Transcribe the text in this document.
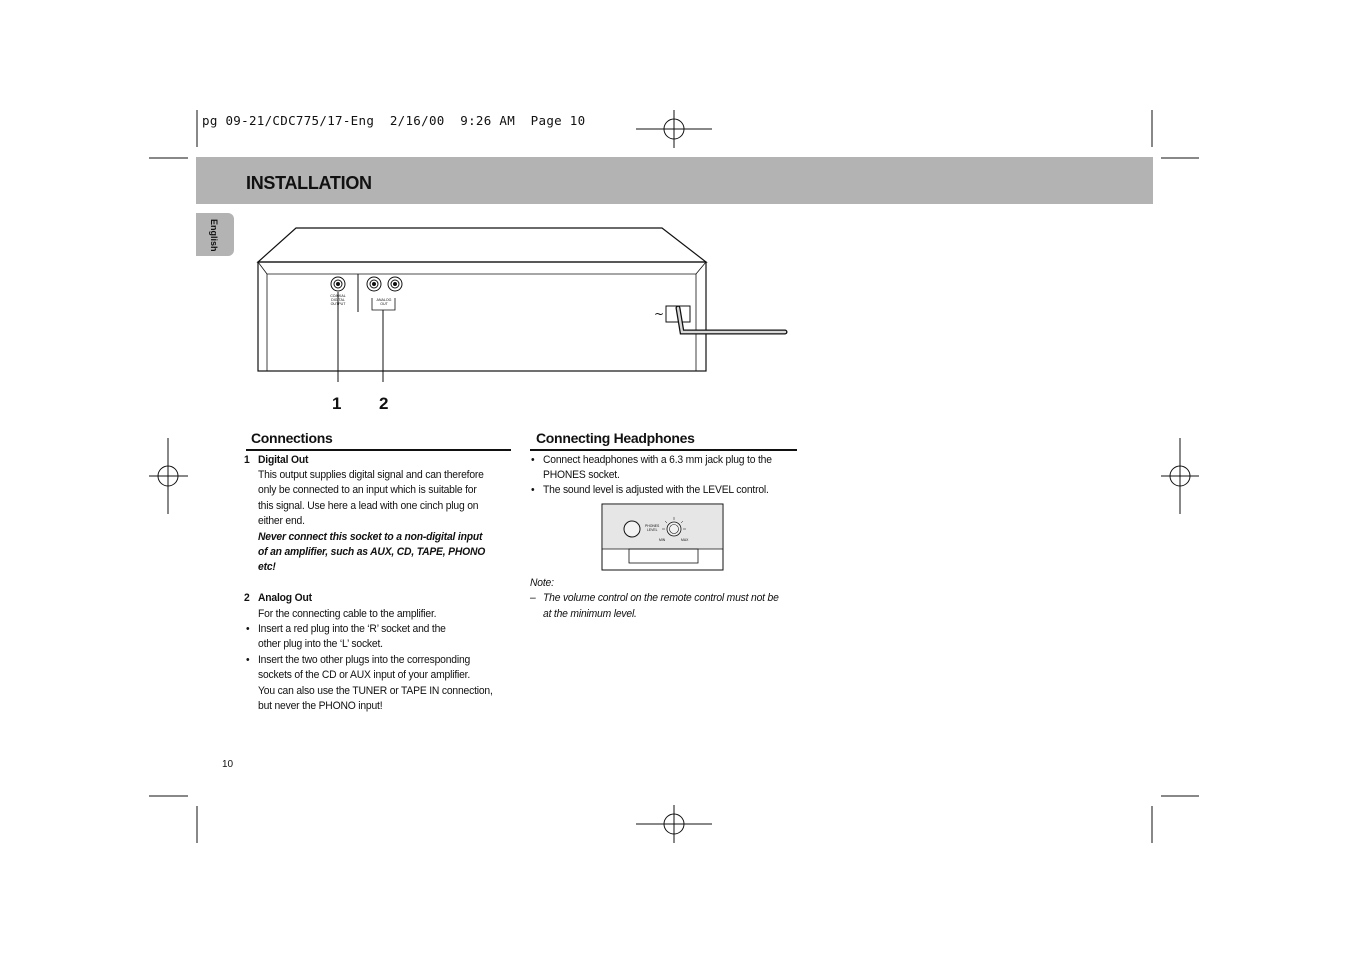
pg 09-21/CDC775/17-Eng  2/16/00  9:26 AM  Page 10
INSTALLATION
English
COAXIAL
DIGITAL
OUTPUT
ANALOG
OUT
~
1 2
Connections
1 Digital Out
This output supplies digital signal and can therefore
only be connected to an input which is suitable for
this signal. Use here a lead with one cinch plug on
either end.
Never connect this socket to a non-digital input
of an amplifier, such as AUX, CD, TAPE, PHONO
etc!
2 Analog Out
For the connecting cable to the amplifier.
• Insert a red plug into the ‘R’ socket and the
other plug into the ‘L’ socket.
• Insert the two other plugs into the corresponding
sockets of the CD or AUX input of your amplifier.
You can also use the TUNER or TAPE IN connection,
but never the PHONO input!
Connecting Headphones
• Connect headphones with a 6.3 mm jack plug to the
PHONES socket.
• The sound level is adjusted with the LEVEL control.
PHONES
LEVEL
MIN	MAX
Note:
– The volume control on the remote control must not be
at the minimum level.
10
